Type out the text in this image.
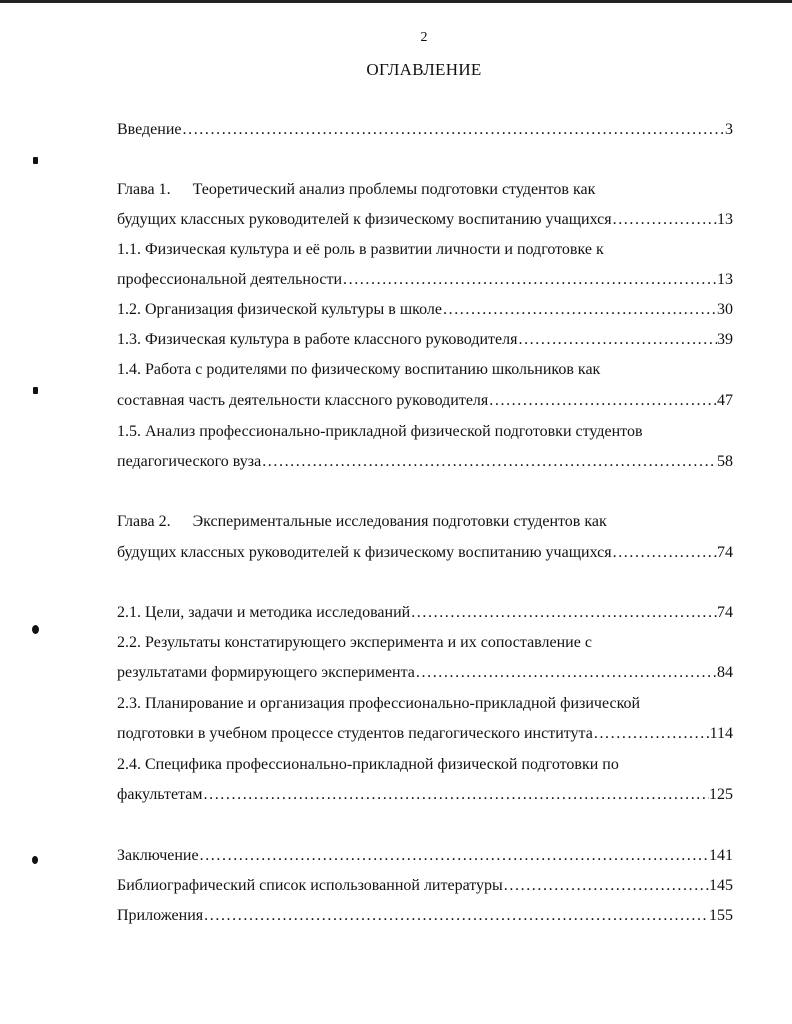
2
ОГЛАВЛЕНИЕ
Введение .....	3
Глава 1. Теоретический анализ проблемы подготовки студентов как
будущих классных руководителей к физическому воспитанию учащихся .....	13
1.1. Физическая культура и её роль в развитии личности и подготовке к
профессиональной деятельности .....	13
1.2. Организация физической культуры в школе .....	30
1.3. Физическая культура в работе классного руководителя .....	39
1.4. Работа с родителями по физическому воспитанию школьников как
составная часть деятельности классного руководителя .....	47
1.5. Анализ профессионально-прикладной физической подготовки студентов
педагогического вуза .....	58
Глава 2. Экспериментальные исследования подготовки студентов как
будущих классных руководителей к физическому воспитанию учащихся .....	74
2.1. Цели, задачи и методика исследований .....	74
2.2. Результаты констатирующего эксперимента и их сопоставление с
результатами формирующего эксперимента .....	84
2.3. Планирование и организация профессионально-прикладной физической
подготовки в учебном процессе студентов педагогического института .....	114
2.4. Специфика профессионально-прикладной физической подготовки по
факультетам .....	125
Заключение .....	141
Библиографический список использованной литературы .....	145
Приложения .....	155
